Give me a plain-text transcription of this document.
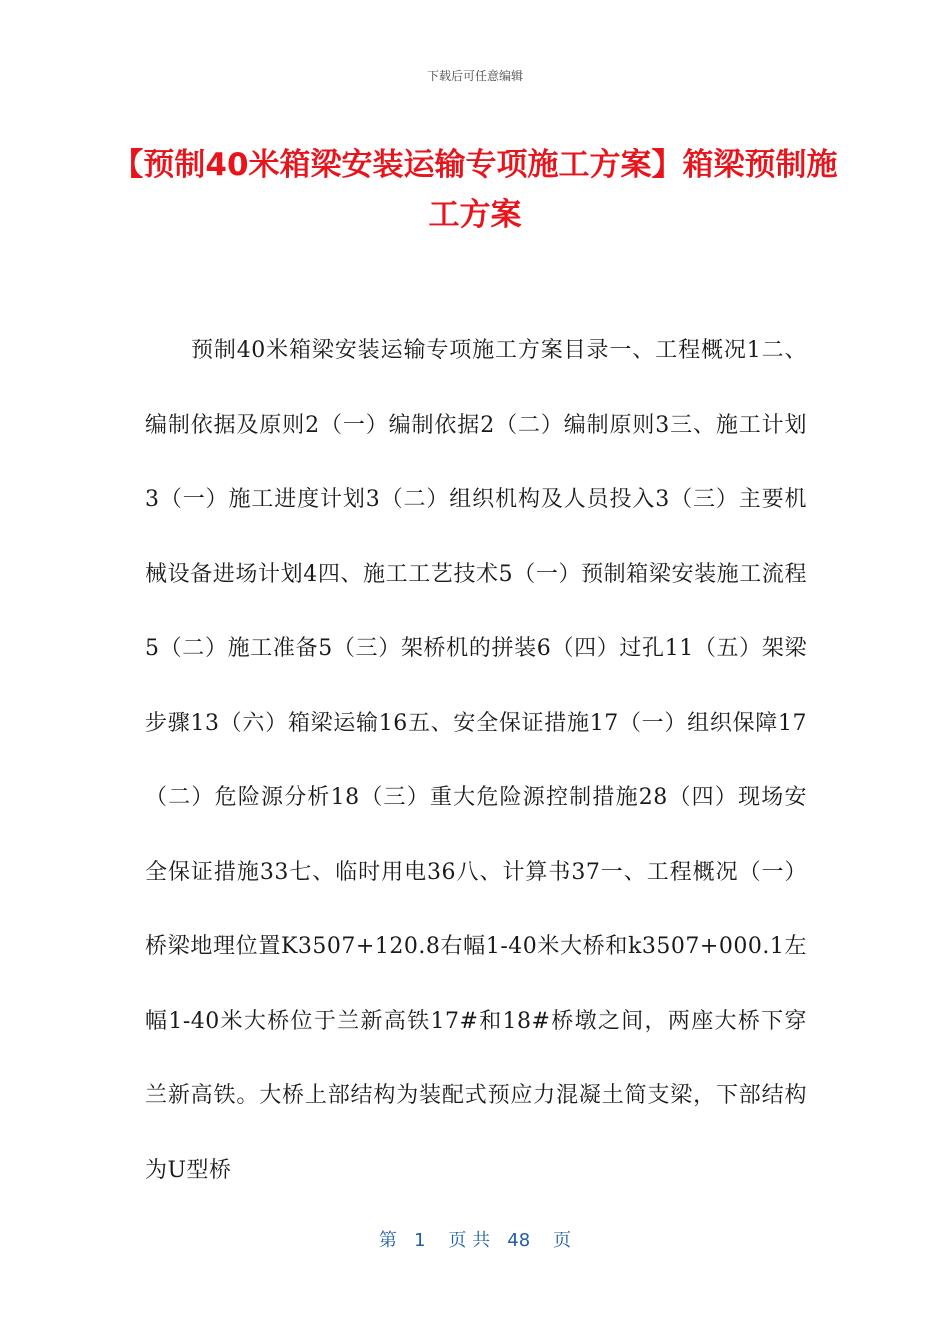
下载后可任意编辑
【预制40米箱梁安装运输专项施工方案】箱梁预制施工方案

预制40米箱梁安装运输专项施工方案目录一、工程概况1二、编制依据及原则2（一）编制依据2（二）编制原则3三、施工计划3（一）施工进度计划3（二）组织机构及人员投入3（三）主要机械设备进场计划4四、施工工艺技术5（一）预制箱梁安装施工流程5（二）施工准备5（三）架桥机的拼装6（四）过孔11（五）架梁步骤13（六）箱梁运输16五、安全保证措施17（一）组织保障17（二）危险源分析18（三）重大危险源控制措施28（四）现场安全保证措施33七、临时用电36八、计算书37一、工程概况（一）桥梁地理位置K3507+120.8右幅1-40米大桥和k3507+000.1左幅1-40米大桥位于兰新高铁17#和18#桥墩之间，两座大桥下穿兰新高铁。大桥上部结构为装配式预应力混凝土简支梁，下部结构为U型桥

第   1    页 共   48    页
